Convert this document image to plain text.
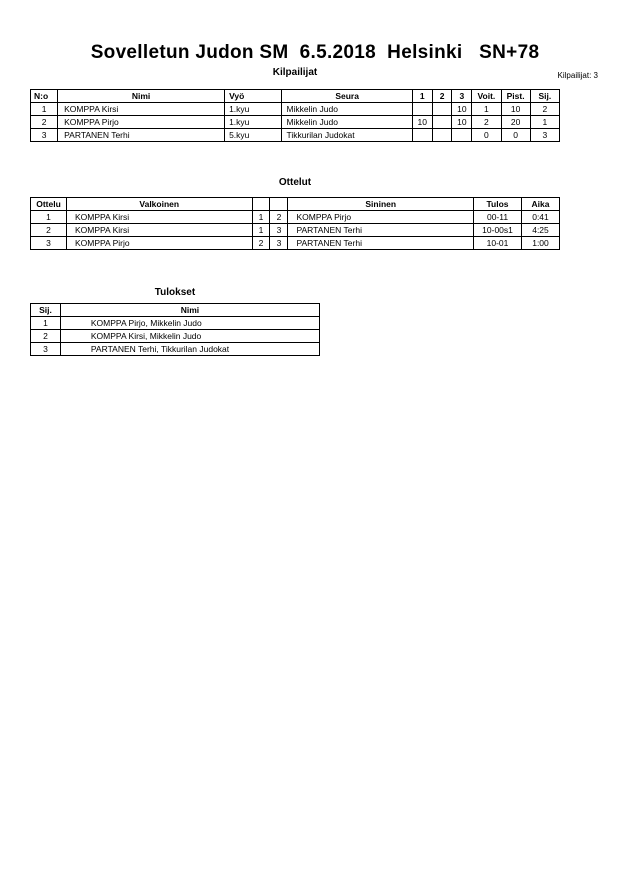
Sovelletun Judon SM  6.5.2018  Helsinki   SN+78
Kilpailijat	Kilpailijat: 3
N:o	Nimi	Vyö	Seura	1	2	3	Voit.	Pist.	Sij.
1	KOMPPA Kirsi	1.kyu	Mikkelin Judo			10	1	10	2
2	KOMPPA Pirjo	1.kyu	Mikkelin Judo	10		10	2	20	1
3	PARTANEN Terhi	5.kyu	Tikkurilan Judokat				0	0	3
Ottelut
Ottelu	Valkoinen			Sininen	Tulos	Aika
1	KOMPPA Kirsi	1	2	KOMPPA Pirjo	00-11	0:41
2	KOMPPA Kirsi	1	3	PARTANEN Terhi	10-00s1	4:25
3	KOMPPA Pirjo	2	3	PARTANEN Terhi	10-01	1:00
Tulokset
Sij.	Nimi
1	KOMPPA Pirjo, Mikkelin Judo
2	KOMPPA Kirsi, Mikkelin Judo
3	PARTANEN Terhi, Tikkurilan Judokat
